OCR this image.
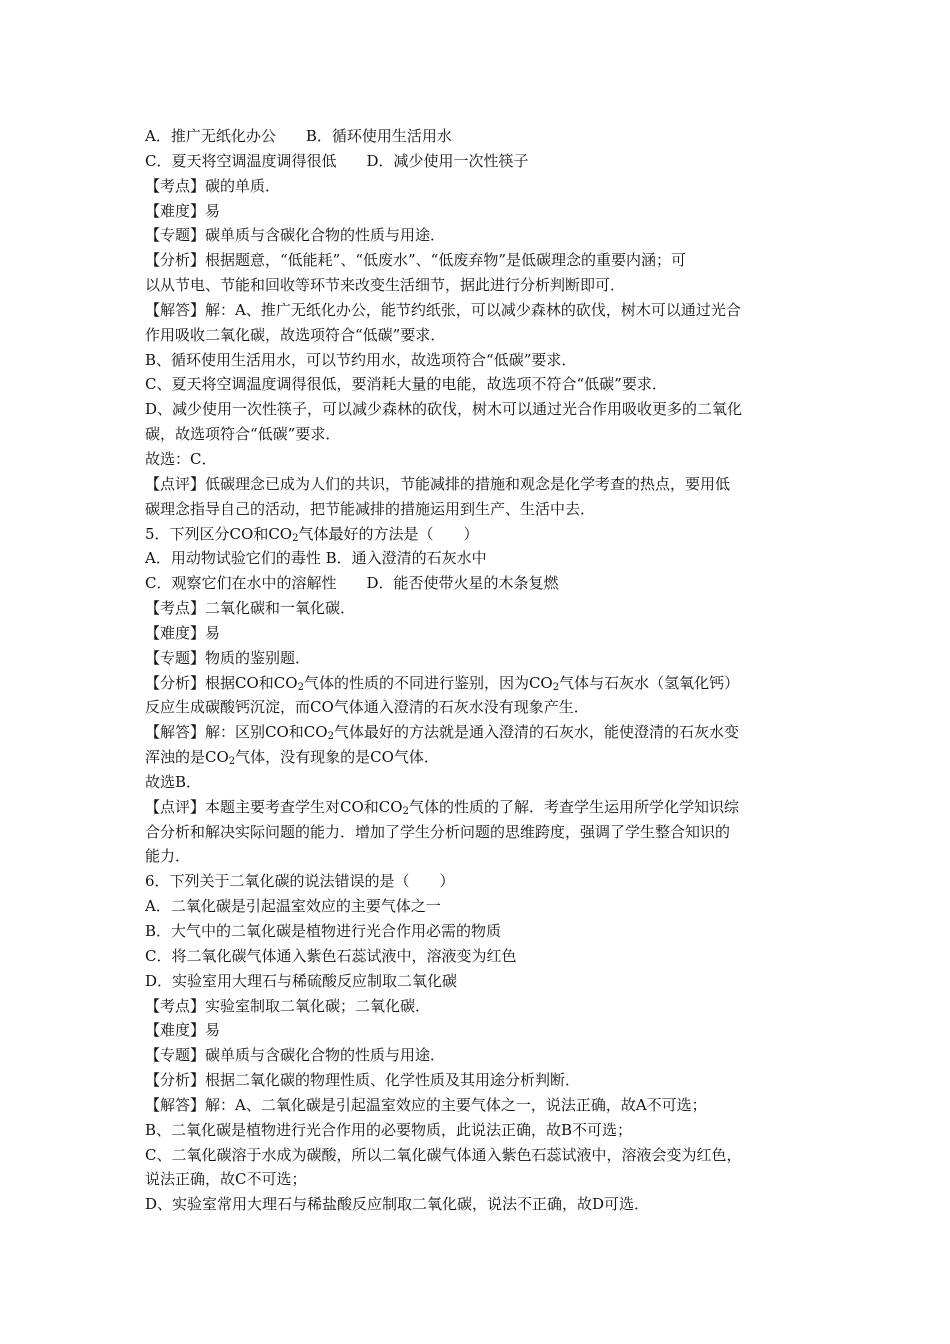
A．推广无纸化办公　　B．循环使用生活用水
C．夏天将空调温度调得很低　　D．减少使用一次性筷子
【考点】碳的单质．
【难度】易
【专题】碳单质与含碳化合物的性质与用途．
【分析】根据题意，“低能耗”、“低废水”、“低废弃物”是低碳理念的重要内涵；可
以从节电、节能和回收等环节来改变生活细节，据此进行分析判断即可．
【解答】解：A、推广无纸化办公，能节约纸张，可以减少森林的砍伐，树木可以通过光合
作用吸收二氧化碳，故选项符合“低碳”要求．
B、循环使用生活用水，可以节约用水，故选项符合“低碳”要求．
C、夏天将空调温度调得很低，要消耗大量的电能，故选项不符合“低碳”要求．
D、减少使用一次性筷子，可以减少森林的砍伐，树木可以通过光合作用吸收更多的二氧化
碳，故选项符合“低碳”要求．
故选：C．
【点评】低碳理念已成为人们的共识，节能减排的措施和观念是化学考查的热点，要用低
碳理念指导自己的活动，把节能减排的措施运用到生产、生活中去．
5．下列区分CO和$CO_2$气体最好的方法是（　　）
A．用动物试验它们的毒性 B．通入澄清的石灰水中
C．观察它们在水中的溶解性　　D．能否使带火星的木条复燃
【考点】二氧化碳和一氧化碳．
【难度】易
【专题】物质的鉴别题．
【分析】根据CO和$CO_2$气体的性质的不同进行鉴别，因为$CO_2$气体与石灰水（氢氧化钙）
反应生成碳酸钙沉淀，而CO气体通入澄清的石灰水没有现象产生．
【解答】解：区别CO和$CO_2$气体最好的方法就是通入澄清的石灰水，能使澄清的石灰水变
浑浊的是$CO_2$气体，没有现象的是CO气体．
故选B．
【点评】本题主要考查学生对CO和$CO_2$气体的性质的了解．考查学生运用所学化学知识综
合分析和解决实际问题的能力．增加了学生分析问题的思维跨度，强调了学生整合知识的
能力．
6．下列关于二氧化碳的说法错误的是（　　）
A．二氧化碳是引起温室效应的主要气体之一
B．大气中的二氧化碳是植物进行光合作用必需的物质
C．将二氧化碳气体通入紫色石蕊试液中，溶液变为红色
D．实验室用大理石与稀硫酸反应制取二氧化碳
【考点】实验室制取二氧化碳；二氧化碳．
【难度】易
【专题】碳单质与含碳化合物的性质与用途．
【分析】根据二氧化碳的物理性质、化学性质及其用途分析判断．
【解答】解：A、二氧化碳是引起温室效应的主要气体之一，说法正确，故A不可选；
B、二氧化碳是植物进行光合作用的必要物质，此说法正确，故B不可选；
C、二氧化碳溶于水成为碳酸，所以二氧化碳气体通入紫色石蕊试液中，溶液会变为红色，
说法正确，故C不可选；
D、实验室常用大理石与稀盐酸反应制取二氧化碳，说法不正确，故D可选．
